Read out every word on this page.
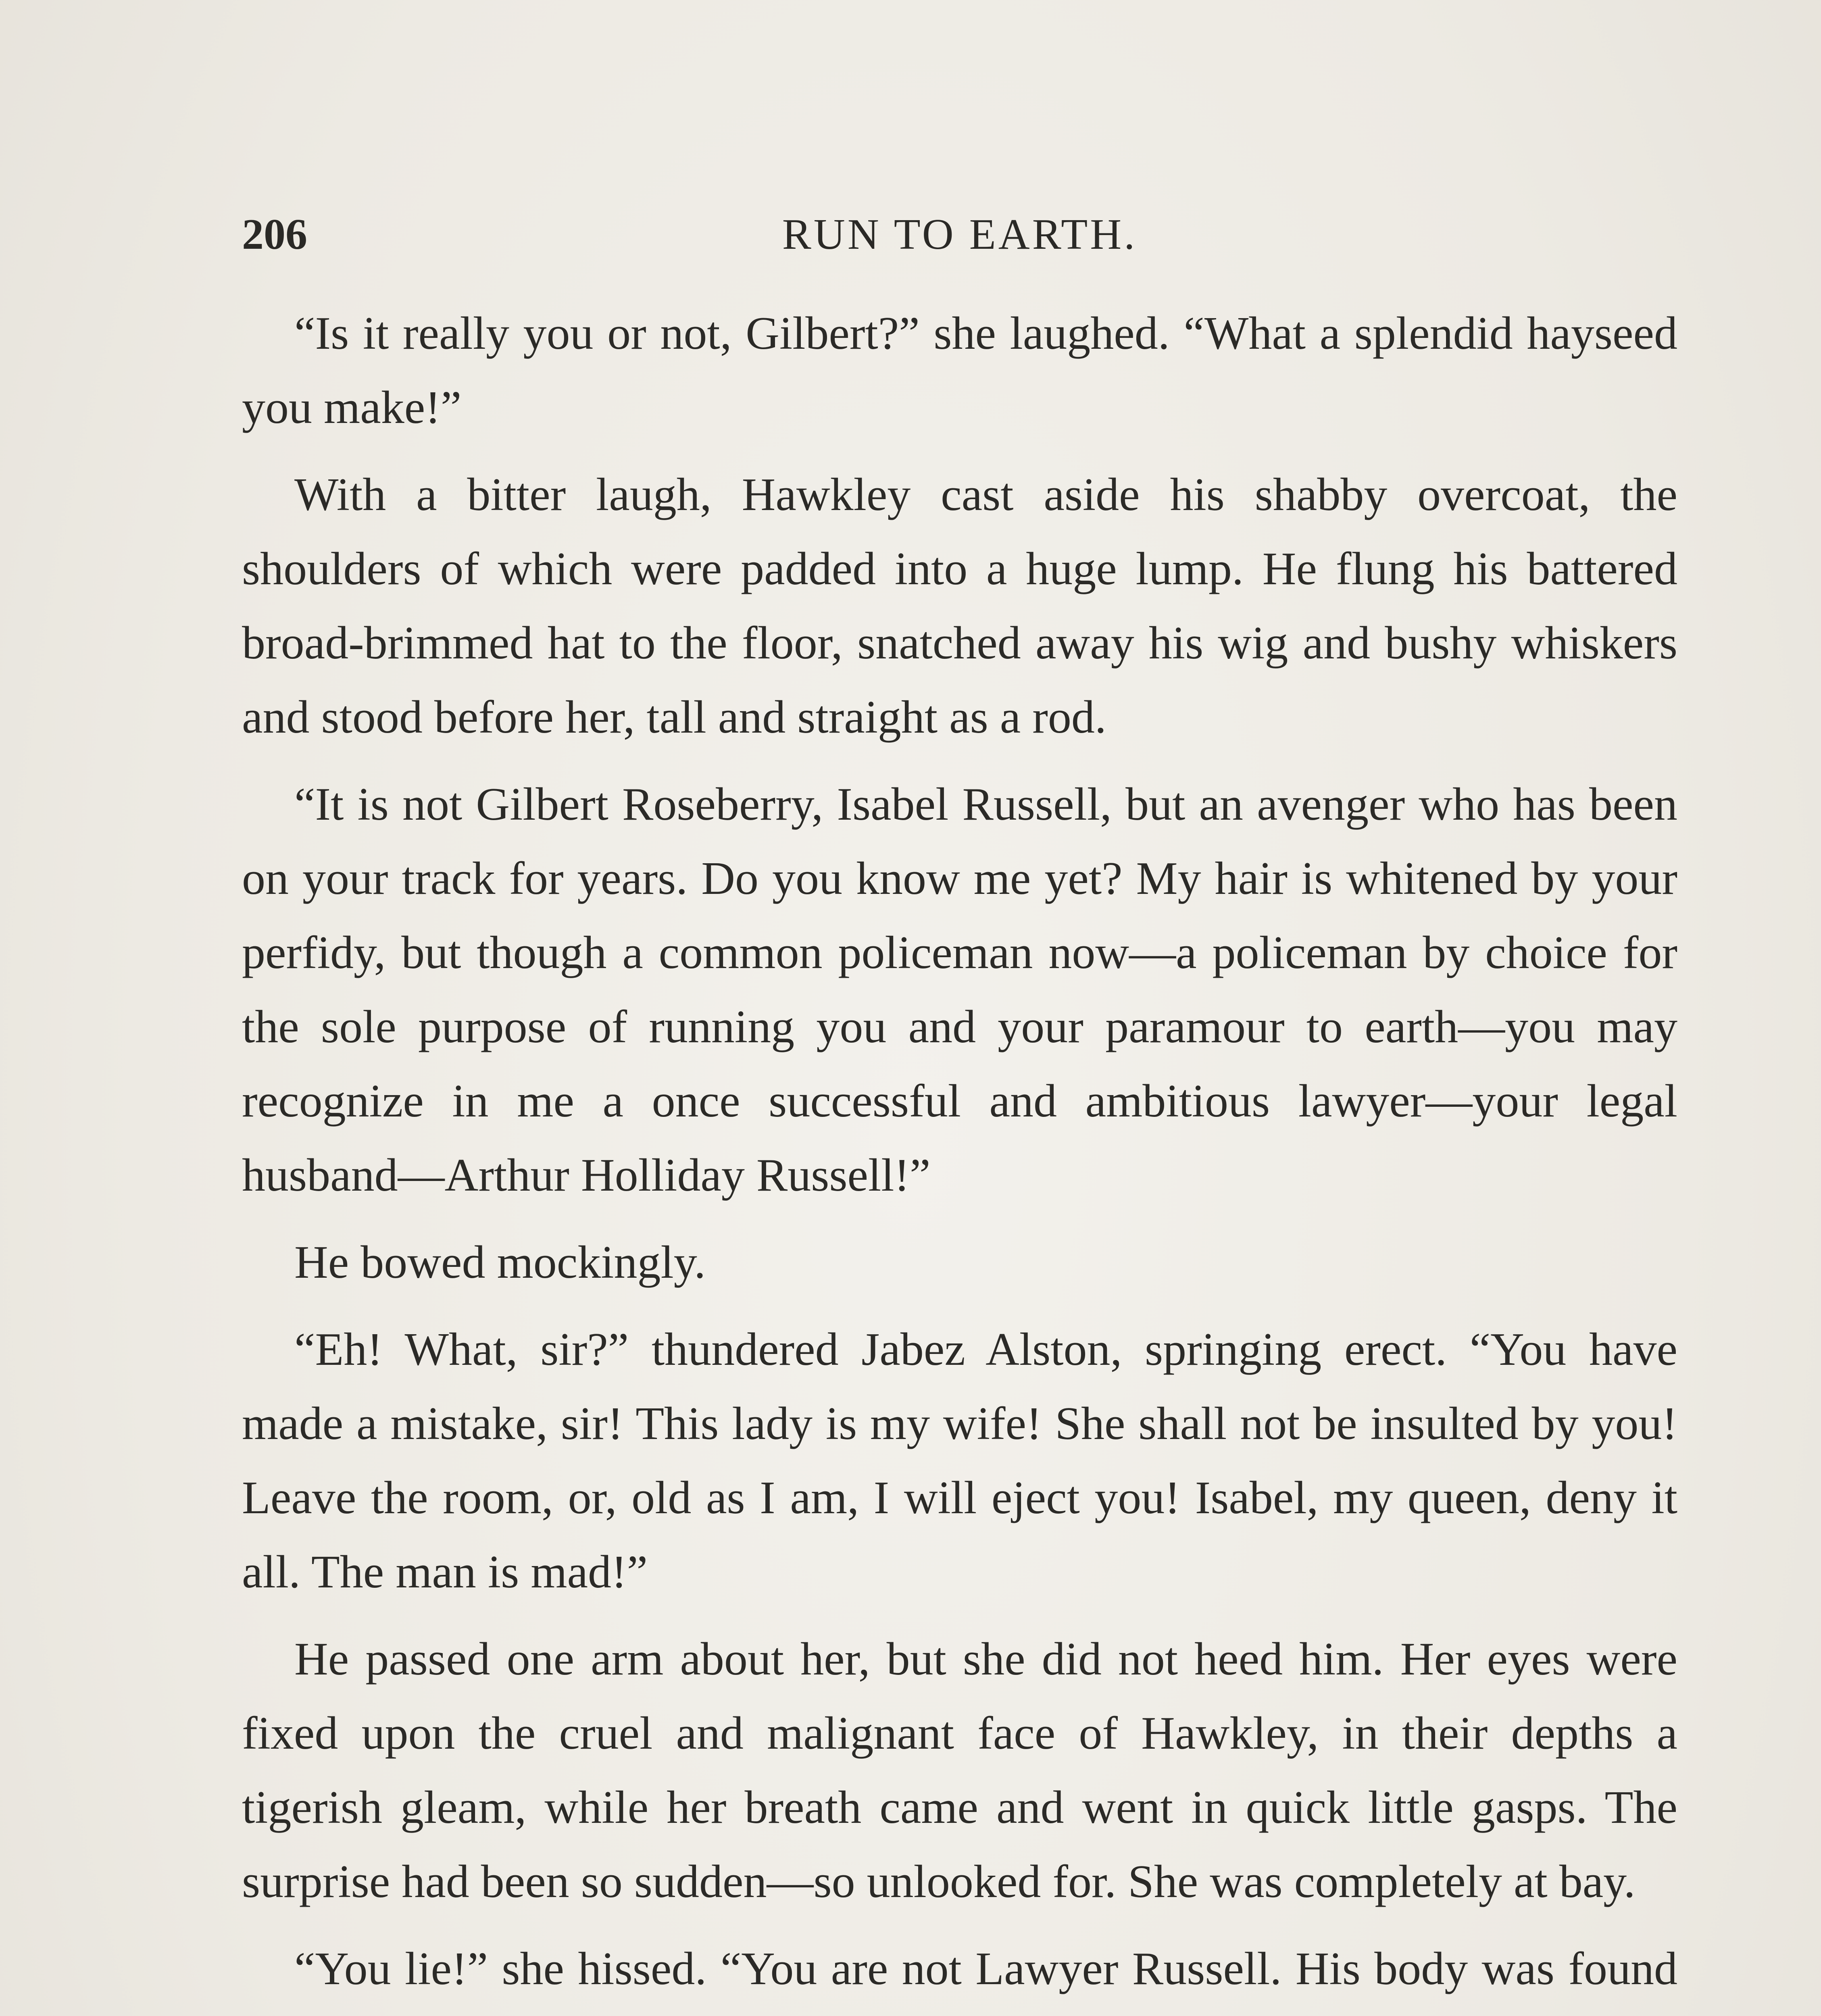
206	RUN TO EARTH.

“Is it really you or not, Gilbert?” she laughed. “What a splendid hayseed you make!”

With a bitter laugh, Hawkley cast aside his shabby overcoat, the shoulders of which were padded into a huge lump. He flung his battered broad-brimmed hat to the floor, snatched away his wig and bushy whiskers and stood before her, tall and straight as a rod.

“It is not Gilbert Roseberry, Isabel Russell, but an avenger who has been on your track for years. Do you know me yet? My hair is whitened by your perfidy, but though a common policeman now—a policeman by choice for the sole purpose of running you and your paramour to earth—you may recognize in me a once successful and ambitious lawyer—your legal husband—Arthur Holliday Russell!”

He bowed mockingly.

“Eh! What, sir?” thundered Jabez Alston, springing erect. “You have made a mistake, sir! This lady is my wife! She shall not be insulted by you! Leave the room, or, old as I am, I will eject you! Isabel, my queen, deny it all. The man is mad!”

He passed one arm about her, but she did not heed him. Her eyes were fixed upon the cruel and malignant face of Hawkley, in their depths a tigerish gleam, while her breath came and went in quick little gasps. The surprise had been so sudden—so unlooked for. She was completely at bay.

“You lie!” she hissed. “You are not Lawyer Russell. His body was found
